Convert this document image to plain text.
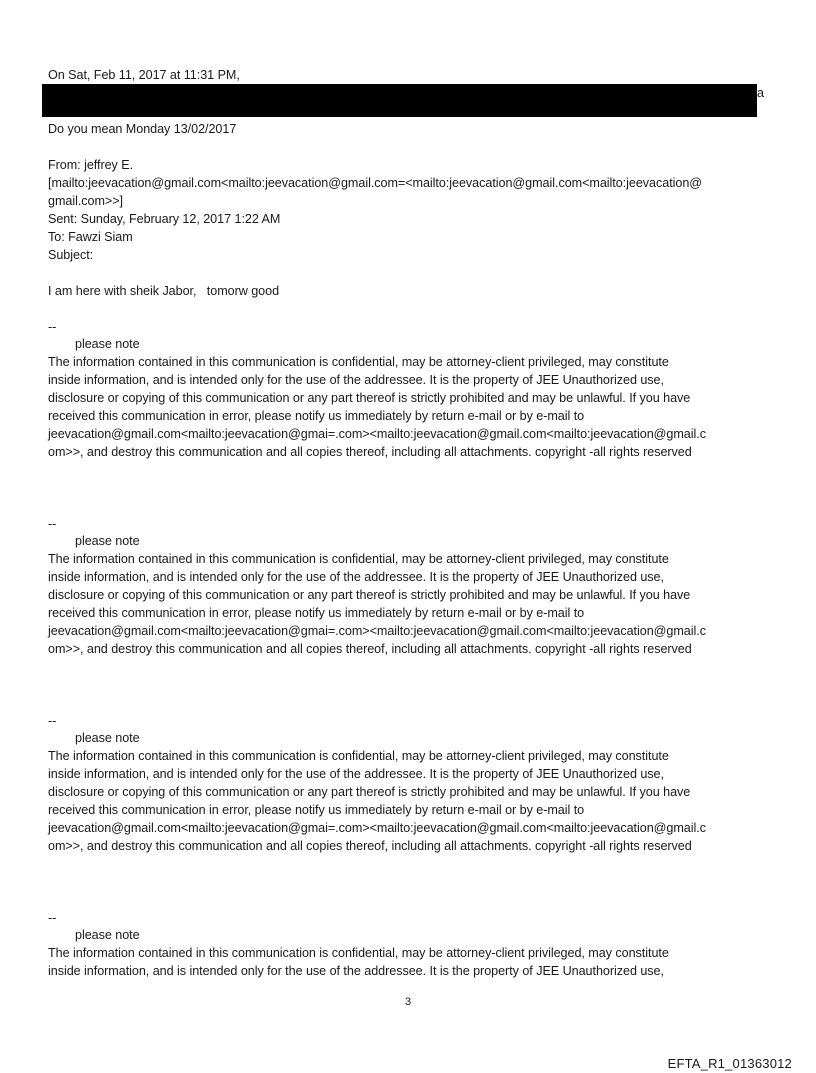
On Sat, Feb 11, 2017 at 11:31 PM,

a

Do you mean Monday 13/02/2017

From: jeffrey E.

[mailto:jeevacation@gmail.com<mailto:jeevacation@gmail.com=<mailto:jeevacation@gmail.com<mailto:jeevacation@

gmail.com>>]

Sent: Sunday, February 12, 2017 1:22 AM

To: Fawzi Siam

Subject:

I am here with sheik Jabor,   tomorw good

--

please note

The information contained in this communication is confidential, may be attorney-client privileged, may constitute

inside information, and is intended only for the use of the addressee. It is the property of JEE Unauthorized use,

disclosure or copying of this communication or any part thereof is strictly prohibited and may be unlawful. If you have

received this communication in error, please notify us immediately by return e-mail or by e-mail to

jeevacation@gmail.com<mailto:jeevacation@gmai=.com><mailto:jeevacation@gmail.com<mailto:jeevacation@gmail.c

om>>, and destroy this communication and all copies thereof, including all attachments. copyright -all rights reserved

--

please note

The information contained in this communication is confidential, may be attorney-client privileged, may constitute

inside information, and is intended only for the use of the addressee. It is the property of JEE Unauthorized use,

disclosure or copying of this communication or any part thereof is strictly prohibited and may be unlawful. If you have

received this communication in error, please notify us immediately by return e-mail or by e-mail to

jeevacation@gmail.com<mailto:jeevacation@gmai=.com><mailto:jeevacation@gmail.com<mailto:jeevacation@gmail.c

om>>, and destroy this communication and all copies thereof, including all attachments. copyright -all rights reserved

--

please note

The information contained in this communication is confidential, may be attorney-client privileged, may constitute

inside information, and is intended only for the use of the addressee. It is the property of JEE Unauthorized use,

disclosure or copying of this communication or any part thereof is strictly prohibited and may be unlawful. If you have

received this communication in error, please notify us immediately by return e-mail or by e-mail to

jeevacation@gmail.com<mailto:jeevacation@gmai=.com><mailto:jeevacation@gmail.com<mailto:jeevacation@gmail.c

om>>, and destroy this communication and all copies thereof, including all attachments. copyright -all rights reserved

--

please note

The information contained in this communication is confidential, may be attorney-client privileged, may constitute

inside information, and is intended only for the use of the addressee. It is the property of JEE Unauthorized use,

3
EFTA_R1_01363012
